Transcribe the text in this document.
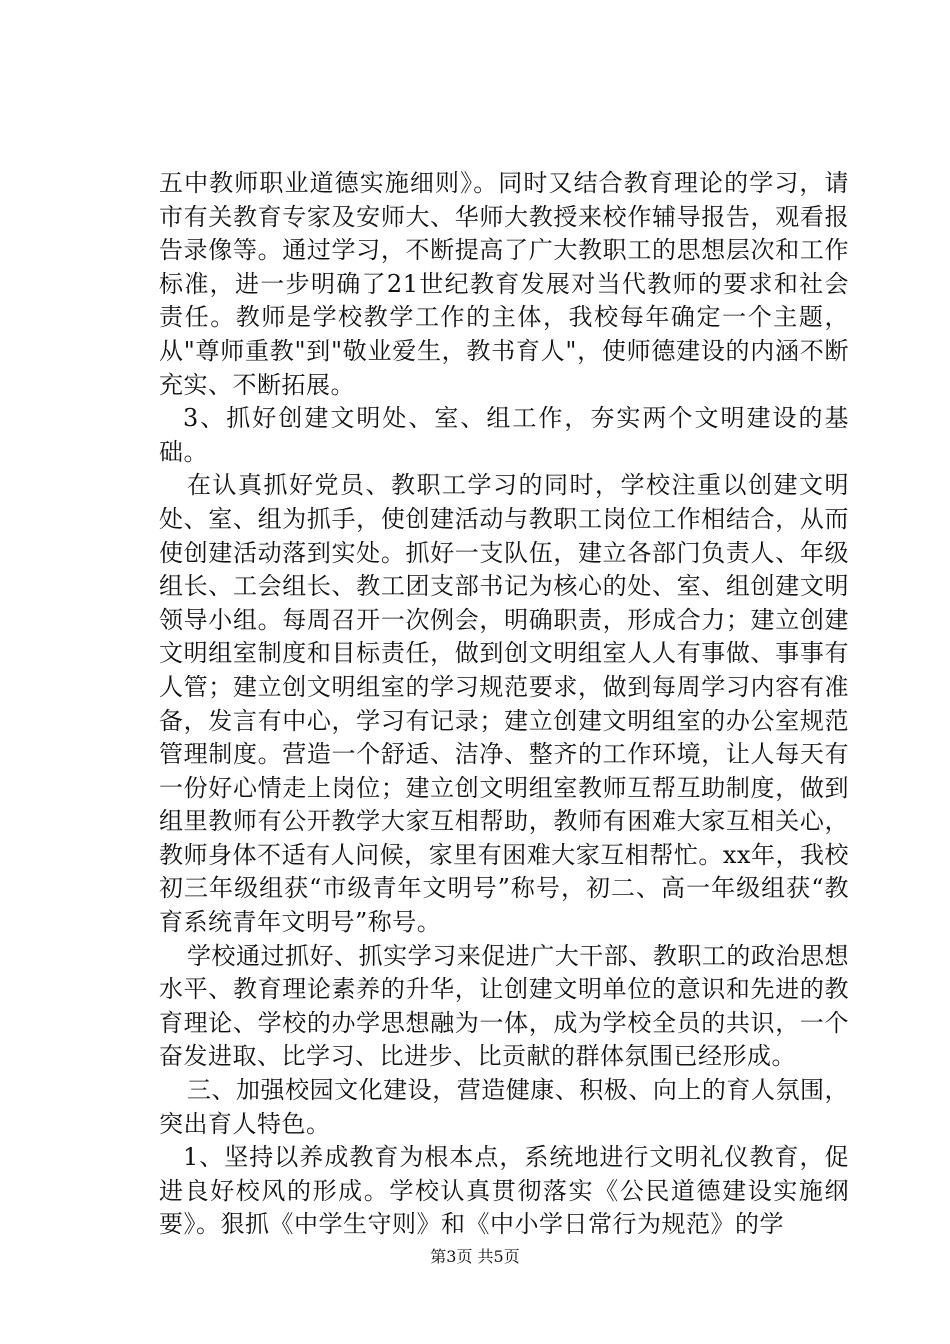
五中教师职业道德实施细则》。同时又结合教育理论的学习，请市有关教育专家及安师大、华师大教授来校作辅导报告，观看报告录像等。通过学习，不断提高了广大教职工的思想层次和工作标准，进一步明确了21世纪教育发展对当代教师的要求和社会责任。教师是学校教学工作的主体，我校每年确定一个主题，从"尊师重教"到"敬业爱生，教书育人"，使师德建设的内涵不断充实、不断拓展。

3、抓好创建文明处、室、组工作，夯实两个文明建设的基础。

在认真抓好党员、教职工学习的同时，学校注重以创建文明处、室、组为抓手，使创建活动与教职工岗位工作相结合，从而使创建活动落到实处。抓好一支队伍，建立各部门负责人、年级组长、工会组长、教工团支部书记为核心的处、室、组创建文明领导小组。每周召开一次例会，明确职责，形成合力；建立创建文明组室制度和目标责任，做到创文明组室人人有事做、事事有人管；建立创文明组室的学习规范要求，做到每周学习内容有准备，发言有中心，学习有记录；建立创建文明组室的办公室规范管理制度。营造一个舒适、洁净、整齐的工作环境，让人每天有一份好心情走上岗位；建立创文明组室教师互帮互助制度，做到组里教师有公开教学大家互相帮助，教师有困难大家互相关心，教师身体不适有人问候，家里有困难大家互相帮忙。xx年，我校初三年级组获“市级青年文明号”称号，初二、高一年级组获“教育系统青年文明号”称号。

学校通过抓好、抓实学习来促进广大干部、教职工的政治思想水平、教育理论素养的升华，让创建文明单位的意识和先进的教育理论、学校的办学思想融为一体，成为学校全员的共识，一个奋发进取、比学习、比进步、比贡献的群体氛围已经形成。

三、加强校园文化建设，营造健康、积极、向上的育人氛围，突出育人特色。

1、坚持以养成教育为根本点，系统地进行文明礼仪教育，促进良好校风的形成。学校认真贯彻落实《公民道德建设实施纲要》。狠抓《中学生守则》和《中小学日常行为规范》的学

第3页 共5页
